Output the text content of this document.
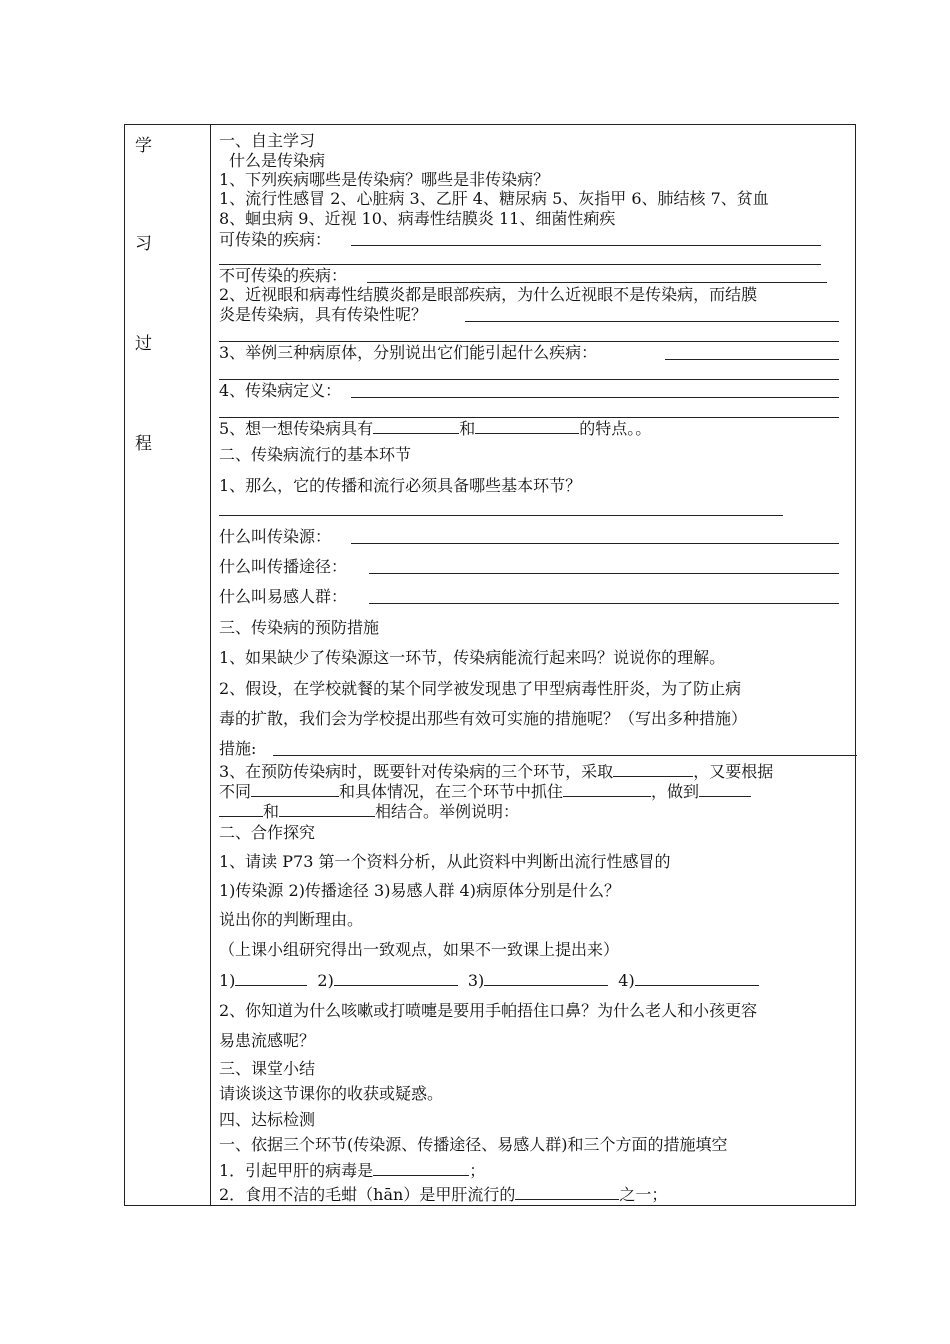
学
习
过
程
一、自主学习
什么是传染病
1、下列疾病哪些是传染病？哪些是非传染病？
1、流行性感冒 2、心脏病 3、乙肝 4、糖尿病 5、灰指甲 6、肺结核 7、贫血
8、蛔虫病 9、近视 10、病毒性结膜炎 11、细菌性痢疾
可传染的疾病：
不可传染的疾病：
2、近视眼和病毒性结膜炎都是眼部疾病，为什么近视眼不是传染病，而结膜
炎是传染病，具有传染性呢？
3、举例三种病原体，分别说出它们能引起什么疾病：
4、传染病定义：
5、想一想传染病具有	和	的特点。。
二、传染病流行的基本环节
1、那么，它的传播和流行必须具备哪些基本环节？
什么叫传染源：
什么叫传播途径：
什么叫易感人群：
三、传染病的预防措施
1、如果缺少了传染源这一环节，传染病能流行起来吗？说说你的理解。
2、假设，在学校就餐的某个同学被发现患了甲型病毒性肝炎，为了防止病
毒的扩散，我们会为学校提出那些有效可实施的措施呢？（写出多种措施）
措施:
3、在预防传染病时，既要针对传染病的三个环节，采取	，又要根据
不同	和具体情况，在三个环节中抓住	，做到
和	相结合。举例说明：
二、合作探究
1、请读 P73 第一个资料分析，从此资料中判断出流行性感冒的
1)传染源 2)传播途径 3)易感人群 4)病原体分别是什么？
说出你的判断理由。
（上课小组研究得出一致观点，如果不一致课上提出来）
1)	2)	3)	4)
2、你知道为什么咳嗽或打喷嚏是要用手帕捂住口鼻？为什么老人和小孩更容
易患流感呢？
三、课堂小结
请谈谈这节课你的收获或疑惑。
四、达标检测
一、依据三个环节(传染源、传播途径、易感人群)和三个方面的措施填空
1．引起甲肝的病毒是	；
2．食用不洁的毛蚶（hān）是甲肝流行的	之一；
